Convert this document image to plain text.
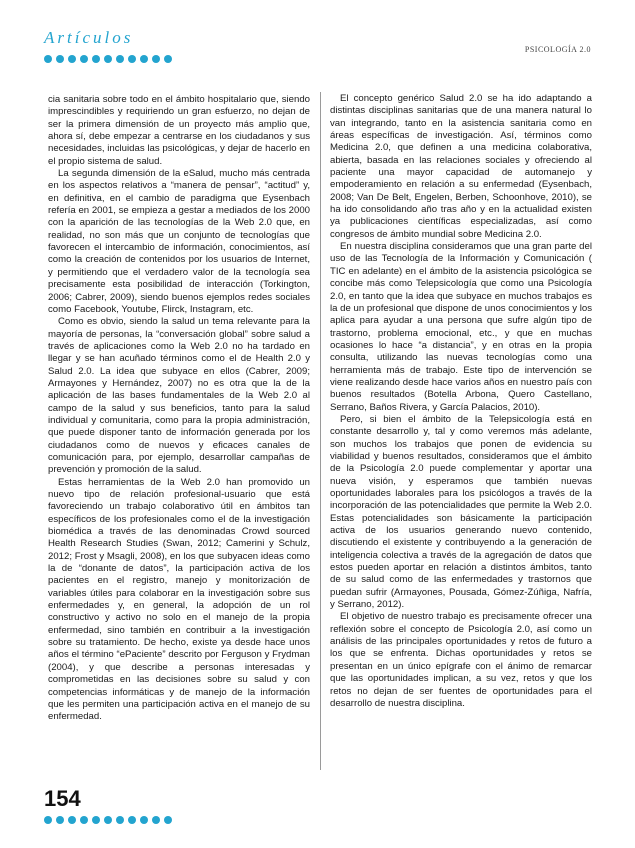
Artículos
PSICOLOGÍA 2.0

cia sanitaria sobre todo en el ámbito hospitalario que, siendo imprescindibles y requiriendo un gran esfuerzo, no dejan de ser la primera dimensión de un proyecto más amplio que, ahora sí, debe empezar a centrarse en los ciudadanos y sus necesidades, incluidas las psicológicas, y dejar de hacerlo en el propio sistema de salud.

La segunda dimensión de la eSalud, mucho más centrada en los aspectos relativos a “manera de pensar”, “actitud” y, en definitiva, en el cambio de paradigma que Eysenbach refería en 2001, se empieza a gestar a mediados de los 2000 con la aparición de las tecnologías de la Web 2.0 que, en realidad, no son más que un conjunto de tecnologías que favorecen el intercambio de información, conocimientos, así como la creación de contenidos por los usuarios de Internet, y permitiendo que el verdadero valor de la tecnología sea precisamente esta posibilidad de interacción (Torkington, 2006; Cabrer, 2009), siendo buenos ejemplos redes sociales como Facebook, Youtube, Flirck, Instagram, etc.

Como es obvio, siendo la salud un tema relevante para la mayoría de personas, la “conversación global” sobre salud a través de aplicaciones como la Web 2.0 no ha tardado en llegar y se han acuñado términos como el de Health 2.0 y Salud 2.0. La idea que subyace en ellos (Cabrer, 2009; Armayones y Hernández, 2007) no es otra que la de la aplicación de las bases fundamentales de la Web 2.0 al campo de la salud y sus beneficios, tanto para la salud individual y comunitaria, como para la propia administración, que puede disponer tanto de información generada por los ciudadanos como de nuevos y eficaces canales de comunicación para, por ejemplo, desarrollar campañas de prevención y promoción de la salud.

Estas herramientas de la Web 2.0 han promovido un nuevo tipo de relación profesional-usuario que está favoreciendo un trabajo colaborativo útil en ámbitos tan específicos de los profesionales como el de la investigación biomédica a través de las denominadas Crowd sourced Health Research Studies (Swan, 2012; Camerini y Schulz, 2012; Frost y Msagli, 2008), en los que subyacen ideas como la de “donante de datos”, la participación activa de los pacientes en el registro, manejo y monitorización de variables útiles para colaborar en la investigación sobre sus enfermedades y, en general, la adopción de un rol constructivo y activo no solo en el manejo de la propia enfermedad, sino también en contribuir a la investigación sobre su tratamiento. De hecho, existe ya desde hace unos años el término “ePaciente” descrito por Ferguson y Frydman (2004), y que describe a personas interesadas y comprometidas en las decisiones sobre su salud y con competencias informáticas y de manejo de la información que les permiten una participación activa en el manejo de su enfermedad.

El concepto genérico Salud 2.0 se ha ido adaptando a distintas disciplinas sanitarias que de una manera natural lo van integrando, tanto en la asistencia sanitaria como en áreas específicas de investigación. Así, términos como Medicina 2.0, que definen a una medicina colaborativa, abierta, basada en las relaciones sociales y ofreciendo al paciente una mayor capacidad de automanejo y empoderamiento en relación a su enfermedad (Eysenbach, 2008; Van De Belt, Engelen, Berben, Schoonhove, 2010), se ha ido consolidando año tras año y en la actualidad existen ya publicaciones científicas especializadas, así como congresos de ámbito mundial sobre Medicina 2.0.

En nuestra disciplina consideramos que una gran parte del uso de las Tecnología de la Información y Comunicación ( TIC en adelante) en el ámbito de la asistencia psicológica se concibe más como Telepsicología que como una Psicología 2.0, en tanto que la idea que subyace en muchos trabajos es la de un profesional que dispone de unos conocimientos y los aplica para ayudar a una persona que sufre algún tipo de trastorno, problema emocional, etc., y que en muchas ocasiones lo hace “a distancia”, y en otras en la propia consulta, utilizando las nuevas tecnologías como una herramienta más de trabajo. Este tipo de intervención se viene realizando desde hace varios años en nuestro país con buenos resultados (Botella Arbona, Quero Castellano, Serrano, Baños Rivera, y García Palacios, 2010).

Pero, si bien el ámbito de la Telepsicología está en constante desarrollo y, tal y como veremos más adelante, son muchos los trabajos que ponen de evidencia su viabilidad y buenos resultados, consideramos que el ámbito de la Psicología 2.0 puede complementar y aportar una nueva visión, y esperamos que también nuevas oportunidades laborales para los psicólogos a través de la incorporación de las potencialidades que permite la Web 2.0. Estas potencialidades son básicamente la participación activa de los usuarios generando nuevo contenido, discutiendo el existente y contribuyendo a la generación de inteligencia colectiva a través de la agregación de datos que estos pueden aportar en relación a distintos ámbitos, tanto de su salud como de las enfermedades y trastornos que puedan sufrir (Armayones, Pousada, Gómez-Zúñiga, Nafría, y Serrano, 2012).

El objetivo de nuestro trabajo es precisamente ofrecer una reflexión sobre el concepto de Psicología 2.0, así como un análisis de las principales oportunidades y retos de futuro a los que se enfrenta. Dichas oportunidades y retos se presentan en un único epígrafe con el ánimo de remarcar que las oportunidades implican, a su vez, retos y que los retos no dejan de ser fuentes de oportunidades para el desarrollo de nuestra disciplina.

154
